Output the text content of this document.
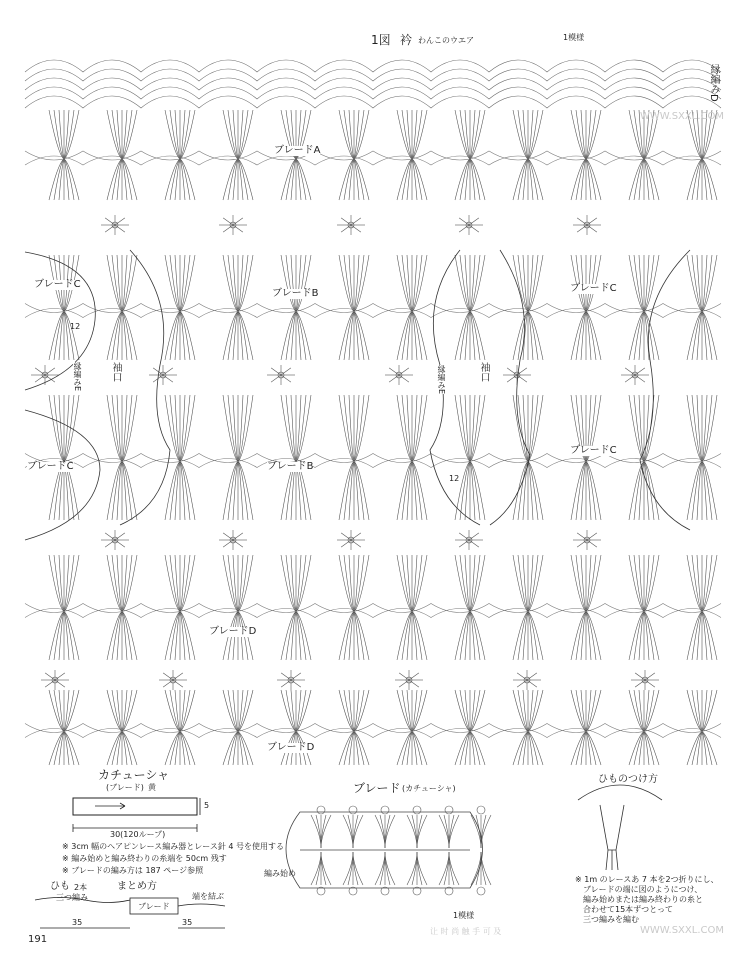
1図 衿 わんこのウエア	1模様
縁編みD
ブレードA
ブレードB
ブレードB
ブレードC	ブレードC
ブレードC
ブレードC
ブレードD
ブレードD
袖口	袖口
縁編みE	縁編みE
12
12
カチューシャ
(ブレード) 黄
5
30(120ループ)
※ 3cm 幅のヘアピンレース編み器とレース針 4 号を使用する
※ 編み始めと編み終わりの糸端を 50cm 残す
※ ブレードの編み方は 187 ページ参照
ひも 2本
三つ編み
まとめ方
ブレード
端を結ぶ
35	35
ブレード (カチューシャ)
編み始め
1模様
ひものつけ方
※ 1m のレースあ 7 本を2つ折りにし、
ブレードの端に図のようにつけ、
編み始めまたは編み終わりの糸と
合わせて15本ずつとって
三つ編みを編む
191
WWW.SXXL.COM
WWW.SXXL.COM
让 时 尚 触 手 可 及
